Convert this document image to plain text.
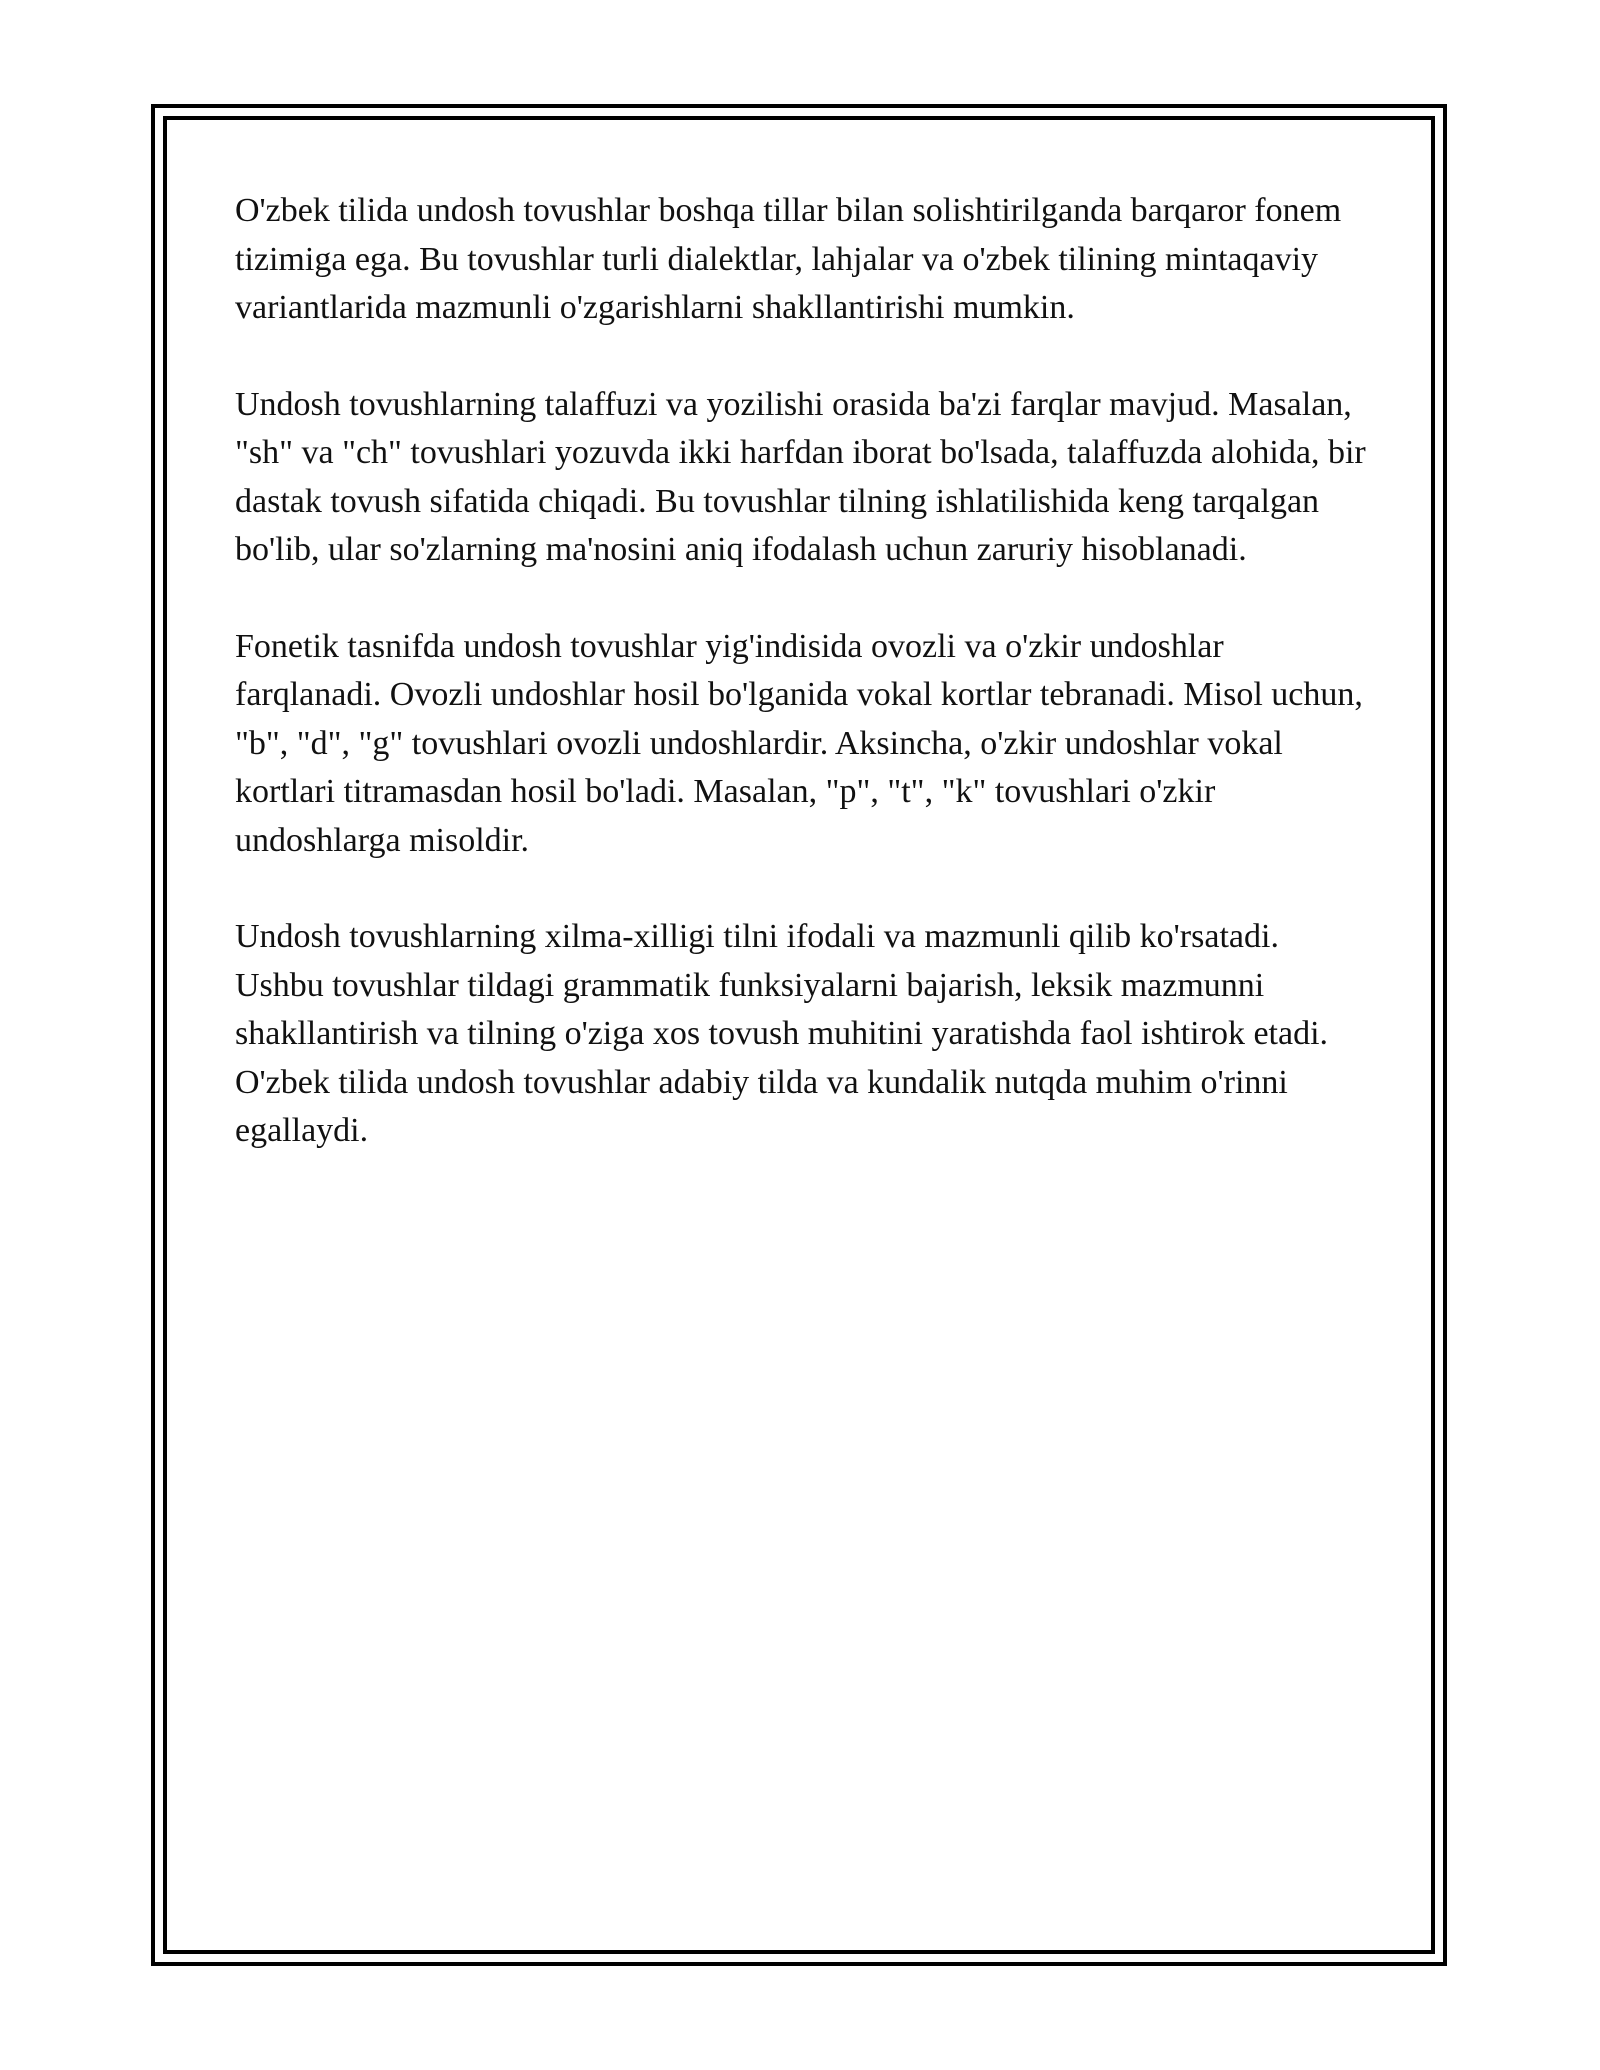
O'zbek tilida undosh tovushlar boshqa tillar bilan solishtirilganda barqaror fonem tizimiga ega. Bu tovushlar turli dialektlar, lahjalar va o'zbek tilining mintaqaviy variantlarida mazmunli o'zgarishlarni shakllantirishi mumkin.

Undosh tovushlarning talaffuzi va yozilishi orasida ba'zi farqlar mavjud. Masalan, "sh" va "ch" tovushlari yozuvda ikki harfdan iborat bo'lsada, talaffuzda alohida, bir dastak tovush sifatida chiqadi. Bu tovushlar tilning ishlatilishida keng tarqalgan bo'lib, ular so'zlarning ma'nosini aniq ifodalash uchun zaruriy hisoblanadi.

Fonetik tasnifda undosh tovushlar yig'indisida ovozli va o'zkir undoshlar farqlanadi. Ovozli undoshlar hosil bo'lganida vokal kortlar tebranadi. Misol uchun, "b", "d", "g" tovushlari ovozli undoshlardir. Aksincha, o'zkir undoshlar vokal kortlari titramasdan hosil bo'ladi. Masalan, "p", "t", "k" tovushlari o'zkir undoshlarga misoldir.

Undosh tovushlarning xilma-xilligi tilni ifodali va mazmunli qilib ko'rsatadi. Ushbu tovushlar tildagi grammatik funksiyalarni bajarish, leksik mazmunni shakllantirish va tilning o'ziga xos tovush muhitini yaratishda faol ishtirok etadi. O'zbek tilida undosh tovushlar adabiy tilda va kundalik nutqda muhim o'rinni egallaydi.
